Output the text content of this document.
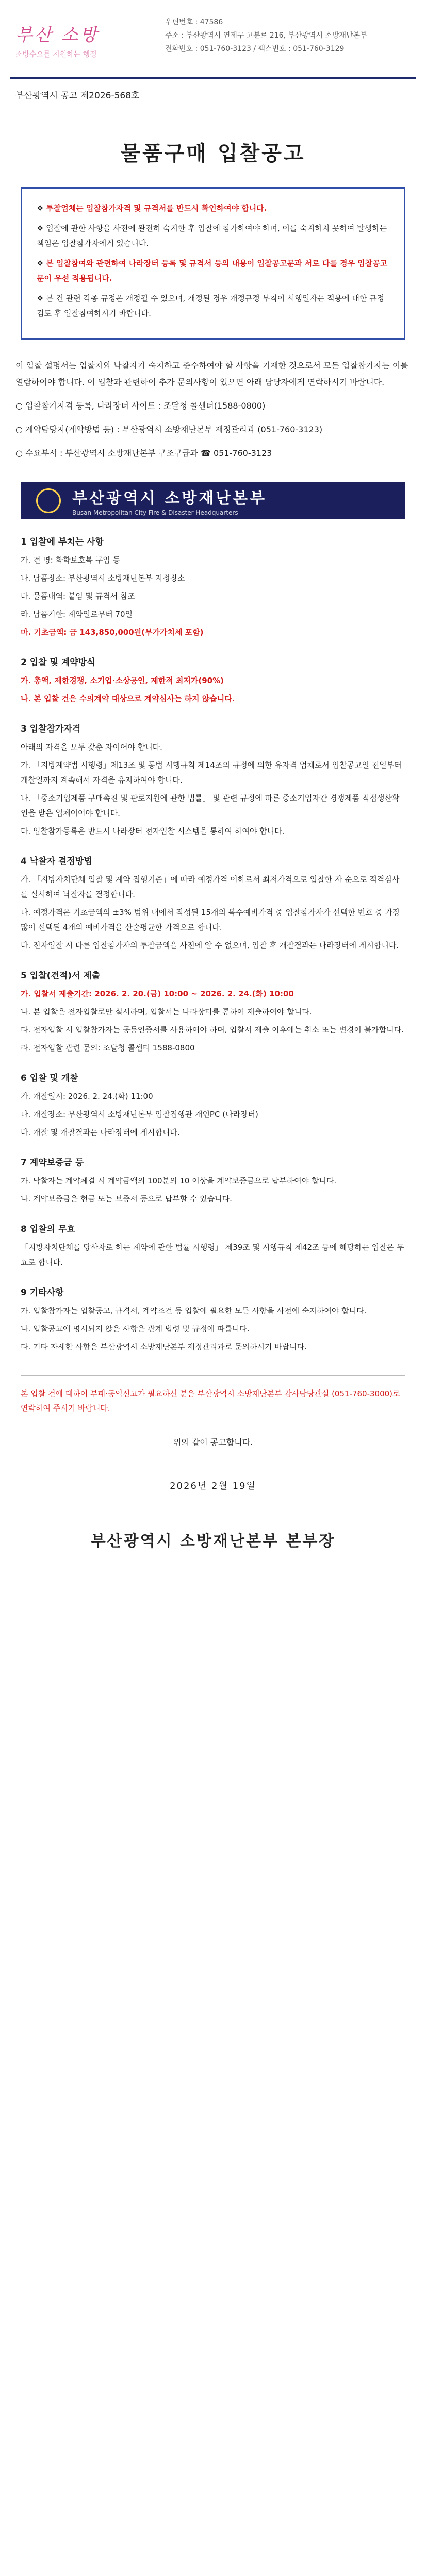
부산 소방
소방수요를 지원하는 행정
우편번호 : 47586
주소 : 부산광역시 연제구 고분로 216, 부산광역시 소방재난본부
전화번호 : 051-760-3123 / 팩스번호 : 051-760-3129
부산광역시 공고 제2026-568호
물품구매 입찰공고

❖ 투찰업체는 입찰참가자격 및 규격서를 반드시 확인하여야 합니다.

❖ 입찰에 관한 사항을 사전에 완전히 숙지한 후 입찰에 참가하여야 하며, 이를 숙지하지 못하여 발생하는 책임은 입찰참가자에게 있습니다.

❖ 본 입찰참여와 관련하여 나라장터 등록 및 규격서 등의 내용이 입찰공고문과 서로 다를 경우 입찰공고문이 우선 적용됩니다.

❖ 본 건 관련 각종 규정은 개정될 수 있으며, 개정된 경우 개정규정 부칙이 시행일자는 적용에 대한 규정 검토 후 입찰참여하시기 바랍니다.

이 입찰 설명서는 입찰자와 낙찰자가 숙지하고 준수하여야 할 사항을 기재한 것으로서 모든 입찰참가자는 이를 열람하여야 합니다. 이 입찰과 관련하여 추가 문의사항이 있으면 아래 담당자에게 연락하시기 바랍니다.

○ 입찰참가자격 등록, 나라장터 사이트 : 조달청 콜센터(1588-0800)

○ 계약담당자(계약방법 등) : 부산광역시 소방재난본부 재정관리과 (051-760-3123)

○ 수요부서 : 부산광역시 소방재난본부 구조구급과 ☎ 051-760-3123

부산광역시 소방재난본부
Busan Metropolitan City Fire & Disaster Headquarters
1 입찰에 부치는 사항

가. 건 명: 화학보호복 구입 등

나. 납품장소: 부산광역시 소방재난본부 지정장소

다. 물품내역: 붙임 및 규격서 참조

라. 납품기한: 계약일로부터 70일

마. 기초금액: 금 143,850,000원(부가가치세 포함)

2 입찰 및 계약방식

가. 총액, 제한경쟁, 소기업·소상공인, 제한적 최저가(90%)

나. 본 입찰 건은 수의계약 대상으로 계약심사는 하지 않습니다.

3 입찰참가자격

아래의 자격을 모두 갖춘 자이어야 합니다.

가. 「지방계약법 시행령」제13조 및 동법 시행규칙 제14조의 규정에 의한 유자격 업체로서 입찰공고일 전일부터 개찰일까지 계속해서 자격을 유지하여야 합니다.

나. 「중소기업제품 구매촉진 및 판로지원에 관한 법률」 및 관련 규정에 따른 중소기업자간 경쟁제품 직접생산확인을 받은 업체이어야 합니다.

다. 입찰참가등록은 반드시 나라장터 전자입찰 시스템을 통하여 하여야 합니다.

4 낙찰자 결정방법

가. 「지방자치단체 입찰 및 계약 집행기준」에 따라 예정가격 이하로서 최저가격으로 입찰한 자 순으로 적격심사를 실시하여 낙찰자를 결정합니다.

나. 예정가격은 기초금액의 ±3% 범위 내에서 작성된 15개의 복수예비가격 중 입찰참가자가 선택한 번호 중 가장 많이 선택된 4개의 예비가격을 산술평균한 가격으로 합니다.

다. 전자입찰 시 다른 입찰참가자의 투찰금액을 사전에 알 수 없으며, 입찰 후 개찰결과는 나라장터에 게시합니다.

5 입찰(견적)서 제출

가. 입찰서 제출기간: 2026. 2. 20.(금) 10:00 ~ 2026. 2. 24.(화) 10:00

나. 본 입찰은 전자입찰로만 실시하며, 입찰서는 나라장터를 통하여 제출하여야 합니다.

다. 전자입찰 시 입찰참가자는 공동인증서를 사용하여야 하며, 입찰서 제출 이후에는 취소 또는 변경이 불가합니다.

라. 전자입찰 관련 문의: 조달청 콜센터 1588-0800

6 입찰 및 개찰

가. 개찰일시: 2026. 2. 24.(화) 11:00

나. 개찰장소: 부산광역시 소방재난본부 입찰집행관 개인PC (나라장터)

다. 개찰 및 개찰결과는 나라장터에 게시합니다.

7 계약보증금 등

가. 낙찰자는 계약체결 시 계약금액의 100분의 10 이상을 계약보증금으로 납부하여야 합니다.

나. 계약보증금은 현금 또는 보증서 등으로 납부할 수 있습니다.

8 입찰의 무효

「지방자치단체를 당사자로 하는 계약에 관한 법률 시행령」 제39조 및 시행규칙 제42조 등에 해당하는 입찰은 무효로 합니다.

9 기타사항

가. 입찰참가자는 입찰공고, 규격서, 계약조건 등 입찰에 필요한 모든 사항을 사전에 숙지하여야 합니다.

나. 입찰공고에 명시되지 않은 사항은 관계 법령 및 규정에 따릅니다.

다. 기타 자세한 사항은 부산광역시 소방재난본부 재정관리과로 문의하시기 바랍니다.

본 입찰 건에 대하여 부패·공익신고가 필요하신 분은 부산광역시 소방재난본부 감사담당관실 (051-760-3000)로 연락하여 주시기 바랍니다.
위와 같이 공고합니다.
2026년 2월 19일
부산광역시 소방재난본부 본부장
